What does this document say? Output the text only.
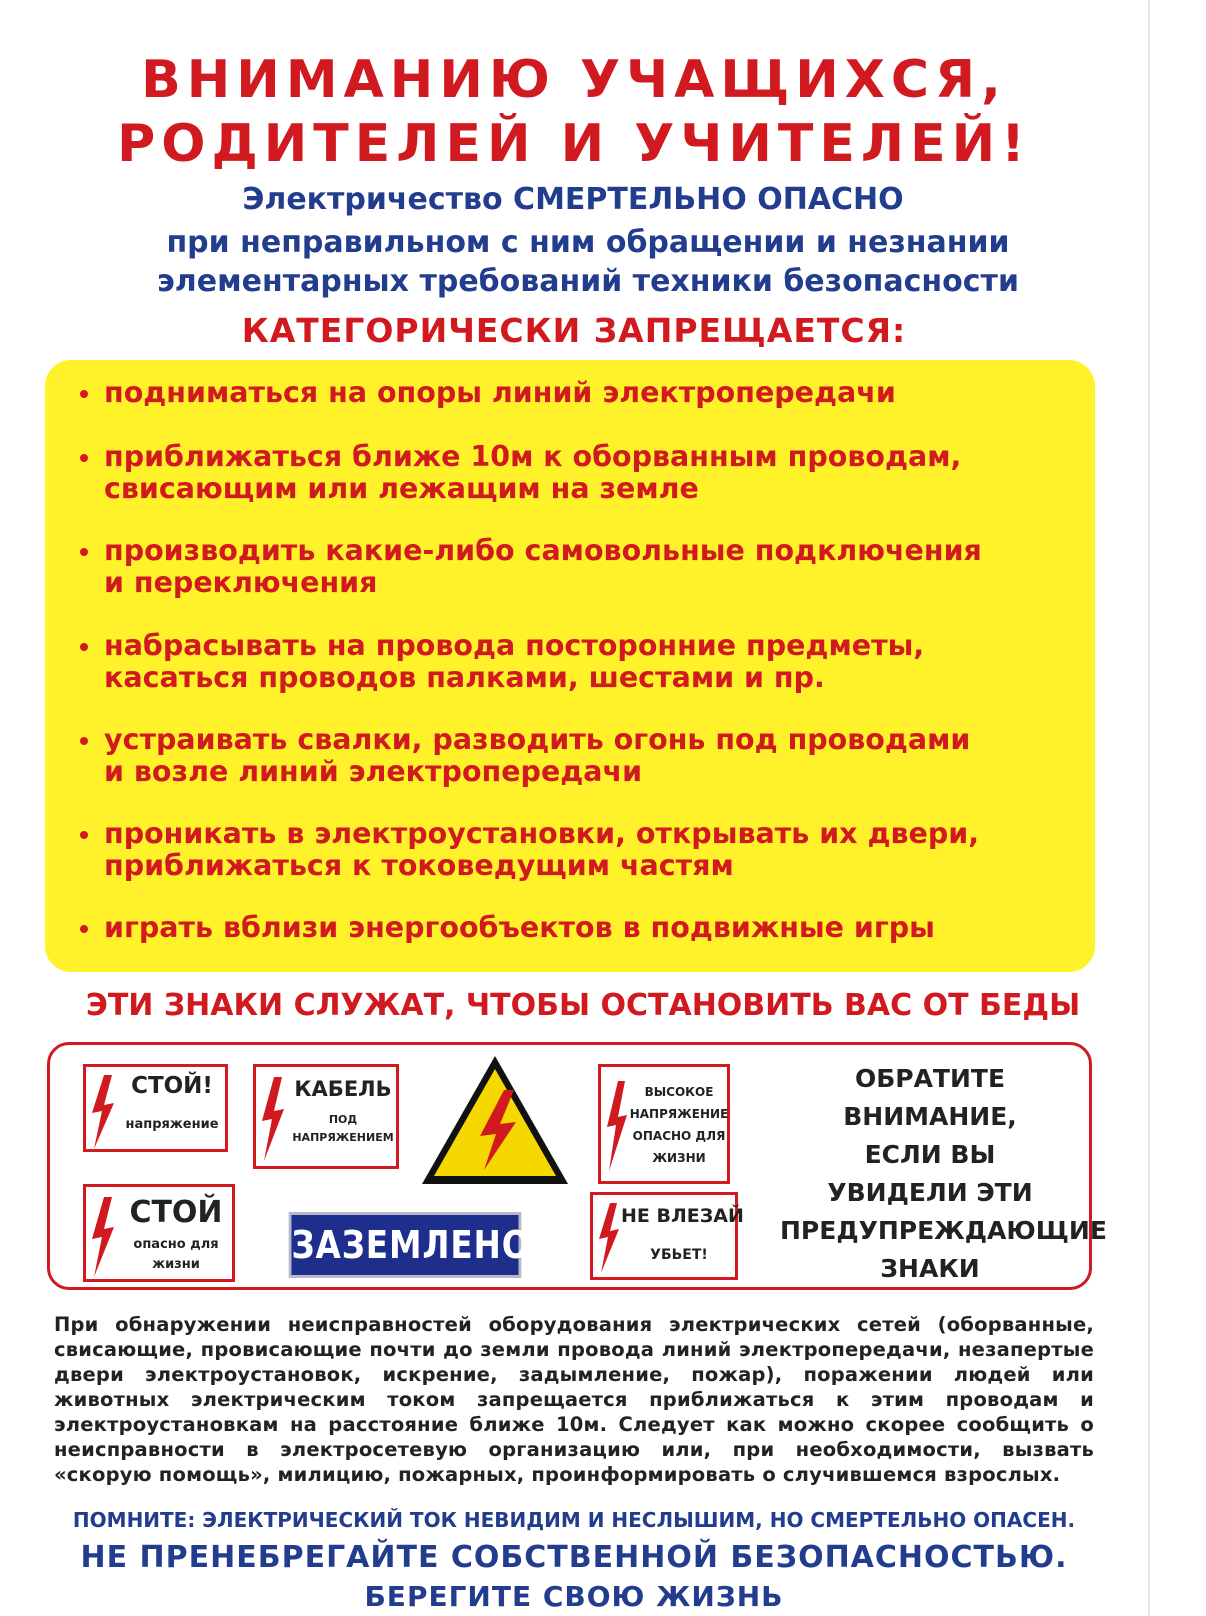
ВНИМАНИЮ УЧАЩИХСЯ,
РОДИТЕЛЕЙ И УЧИТЕЛЕЙ!
Электричество СМЕРТЕЛЬНО ОПАСНО
при неправильном с ним обращении и незнании
элементарных требований техники безопасности
КАТЕГОРИЧЕСКИ ЗАПРЕЩАЕТСЯ:
подниматься на опоры линий электропередачи
приближаться ближе 10м к оборванным проводам,
свисающим или лежащим на земле
производить какие-либо самовольные подключения
и переключения
набрасывать на провода посторонние предметы,
касаться проводов палками, шестами и пр.
устраивать свалки, разводить огонь под проводами
и возле линий электропередачи
проникать в электроустановки, открывать их двери,
приближаться к токоведущим частям
играть вблизи энергообъектов в подвижные игры
ЭТИ ЗНАКИ СЛУЖАТ, ЧТОБЫ ОСТАНОВИТЬ ВАС ОТ БЕДЫ
СТОЙ!
напряжение
КАБЕЛЬ
ПОД
НАПРЯЖЕНИЕМ
ВЫСОКОЕ
НАПРЯЖЕНИЕ
ОПАСНО ДЛЯ
ЖИЗНИ
СТОЙ
опасно для
жизни	ЗАЗЕМЛЕНО
НЕ ВЛЕЗАЙ
УБЬЕТ!
ОБРАТИТЕ
ВНИМАНИЕ,
ЕСЛИ ВЫ
УВИДЕЛИ ЭТИ
ПРЕДУПРЕЖДАЮЩИЕ
ЗНАКИ
При обнаружении неисправностей оборудования электрических сетей (оборванные,
свисающие, провисающие почти до земли провода линий электропередачи, незапертые
двери электроустановок, искрение, задымление, пожар), поражении людей или
животных электрическим током запрещается приближаться к этим проводам и
электроустановкам на расстояние ближе 10м. Следует как можно скорее сообщить о
неисправности в электросетевую организацию или, при необходимости, вызвать
«скорую помощь», милицию, пожарных, проинформировать о случившемся взрослых.
ПОМНИТЕ: ЭЛЕКТРИЧЕСКИЙ ТОК НЕВИДИМ И НЕСЛЫШИМ, НО СМЕРТЕЛЬНО ОПАСЕН.
НЕ ПРЕНЕБРЕГАЙТЕ СОБСТВЕННОЙ БЕЗОПАСНОСТЬЮ.
БЕРЕГИТЕ СВОЮ ЖИЗНЬ
